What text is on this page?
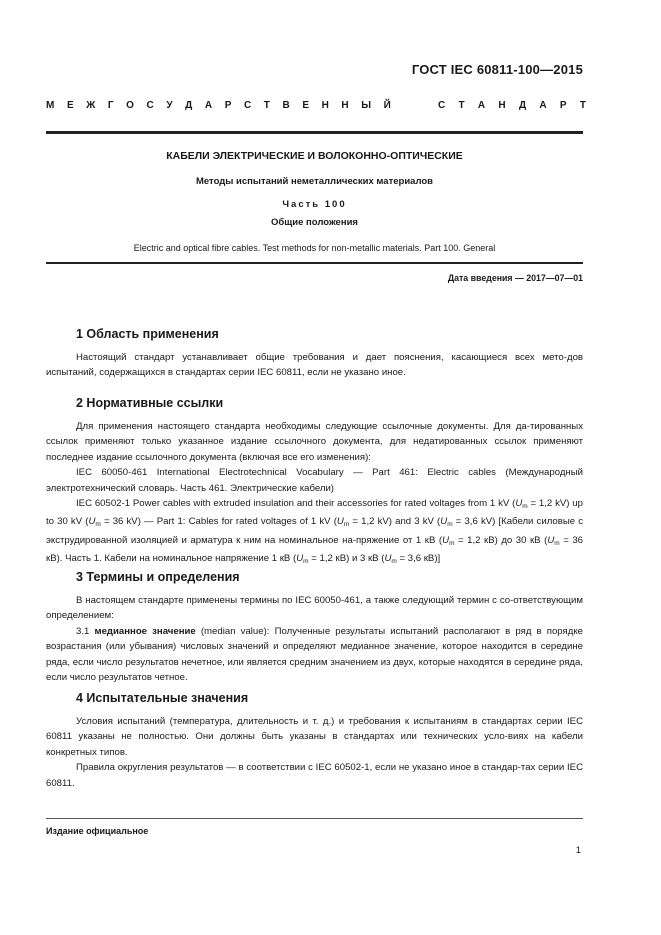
ГОСТ IEC 60811-100—2015
М Е Ж Г О С У Д А Р С Т В Е Н Н Ы Й	С Т А Н Д А Р Т
КАБЕЛИ ЭЛЕКТРИЧЕСКИЕ И ВОЛОКОННО-ОПТИЧЕСКИЕ
Методы испытаний неметаллических материалов
Часть 100
Общие положения
Electric and optical fibre cables. Test methods for non-metallic materials. Part 100. General
Дата введения — 2017—07—01
1 Область применения

Настоящий стандарт устанавливает общие требования и дает пояснения, касающиеся всех мето-дов испытаний, содержащихся в стандартах серии IEC 60811, если не указано иное.

2 Нормативные ссылки

Для применения настоящего стандарта необходимы следующие ссылочные документы. Для да-тированных ссылок применяют только указанное издание ссылочного документа, для недатированных ссылок применяют последнее издание ссылочного документа (включая все его изменения):

IEC 60050-461 International Electrotechnical Vocabulary — Part 461: Electric cables (Международный электротехнический словарь. Часть 461. Электрические кабели)

IEC 60502-1 Power cables with extruded insulation and their accessories for rated voltages from 1 kV ($U_m = 1,2$ kV) up to 30 kV ($U_m = 36$ kV) — Part 1: Cables for rated voltages of 1 kV ($U_m = 1,2$ kV) and 3 kV ($U_m = 3,6$ kV) [Кабели силовые с экструдированной изоляцией и арматура к ним на номинальное на-пряжение от 1 кВ ($U_m = 1,2$ кВ) до 30 кВ ($U_m = 36$ кВ). Часть 1. Кабели на номинальное напряжение 1 кВ ($U_m = 1,2$ кВ) и 3 кВ ($U_m = 3,6$ кВ)]

3 Термины и определения

В настоящем стандарте применены термины по IEC 60050-461, а также следующий термин с со-ответствующим определением:

3.1 медианное значение (median value): Полученные результаты испытаний располагают в ряд в порядке возрастания (или убывания) числовых значений и определяют медианное значение, которое находится в середине ряда, если число результатов нечетное, или является средним значением из двух, которые находятся в середине ряда, если число результатов четное.

4 Испытательные значения

Условия испытаний (температура, длительность и т. д.) и требования к испытаниям в стандартах серии IEC 60811 указаны не полностью. Они должны быть указаны в стандартах или технических усло-виях на кабели конкретных типов.

Правила округления результатов — в соответствии с IEC 60502-1, если не указано иное в стандар-тах серии IEC 60811.

Издание официальное
1
